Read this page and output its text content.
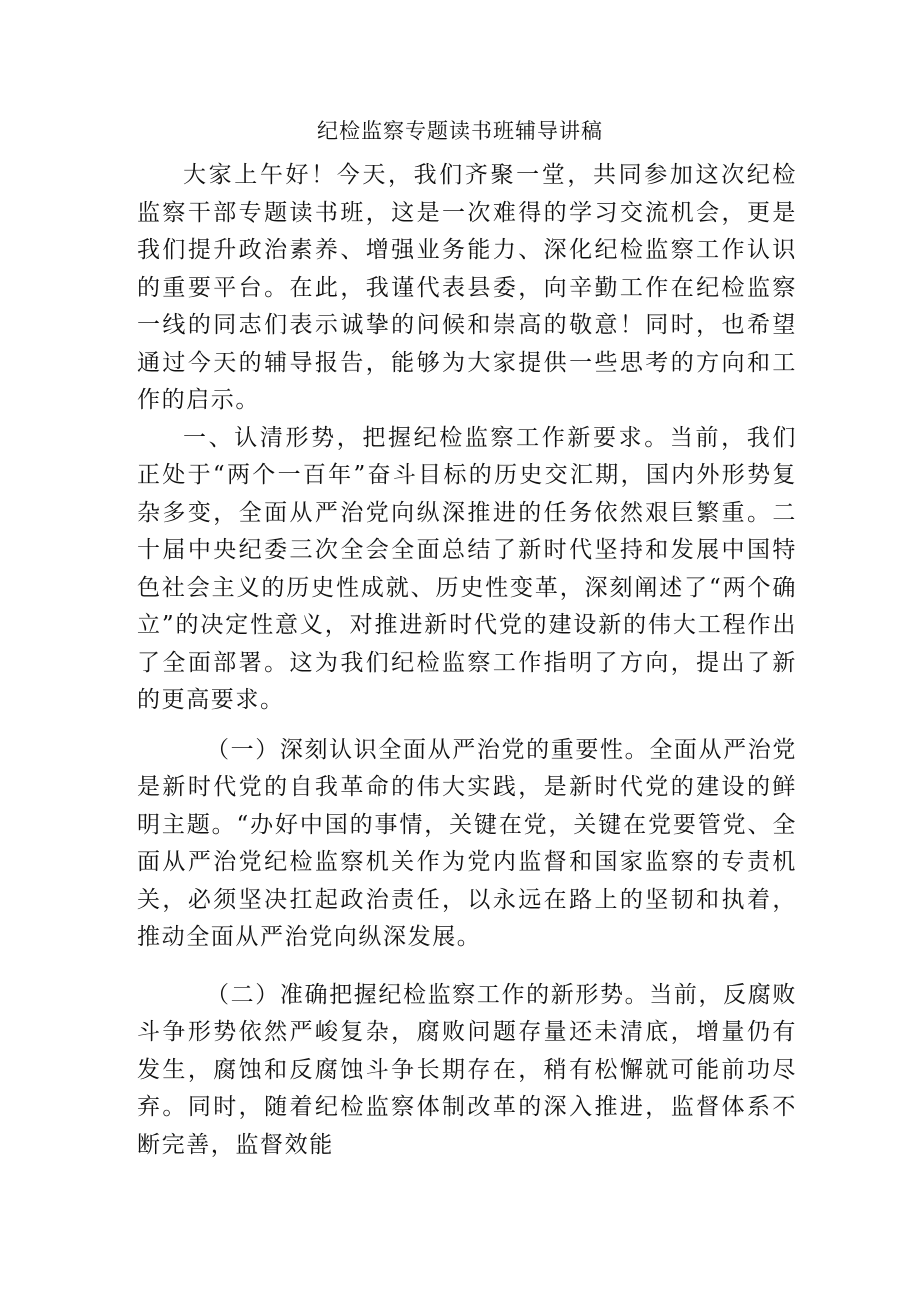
纪检监察专题读书班辅导讲稿

大家上午好！今天，我们齐聚一堂，共同参加这次纪检监察干部专题读书班，这是一次难得的学习交流机会，更是我们提升政治素养、增强业务能力、深化纪检监察工作认识的重要平台。在此，我谨代表县委，向辛勤工作在纪检监察一线的同志们表示诚挚的问候和崇高的敬意！同时，也希望通过今天的辅导报告，能够为大家提供一些思考的方向和工作的启示。

一、认清形势，把握纪检监察工作新要求。当前，我们正处于“两个一百年”奋斗目标的历史交汇期，国内外形势复杂多变，全面从严治党向纵深推进的任务依然艰巨繁重。二十届中央纪委三次全会全面总结了新时代坚持和发展中国特色社会主义的历史性成就、历史性变革，深刻阐述了“两个确立”的决定性意义，对推进新时代党的建设新的伟大工程作出了全面部署。这为我们纪检监察工作指明了方向，提出了新的更高要求。

（一）深刻认识全面从严治党的重要性。全面从严治党是新时代党的自我革命的伟大实践，是新时代党的建设的鲜明主题。“办好中国的事情，关键在党，关键在党要管党、全面从严治党纪检监察机关作为党内监督和国家监察的专责机关，必须坚决扛起政治责任，以永远在路上的坚韧和执着，推动全面从严治党向纵深发展。

（二）准确把握纪检监察工作的新形势。当前，反腐败斗争形势依然严峻复杂，腐败问题存量还未清底，增量仍有发生，腐蚀和反腐蚀斗争长期存在，稍有松懈就可能前功尽弃。同时，随着纪检监察体制改革的深入推进，监督体系不断完善，监督效能
